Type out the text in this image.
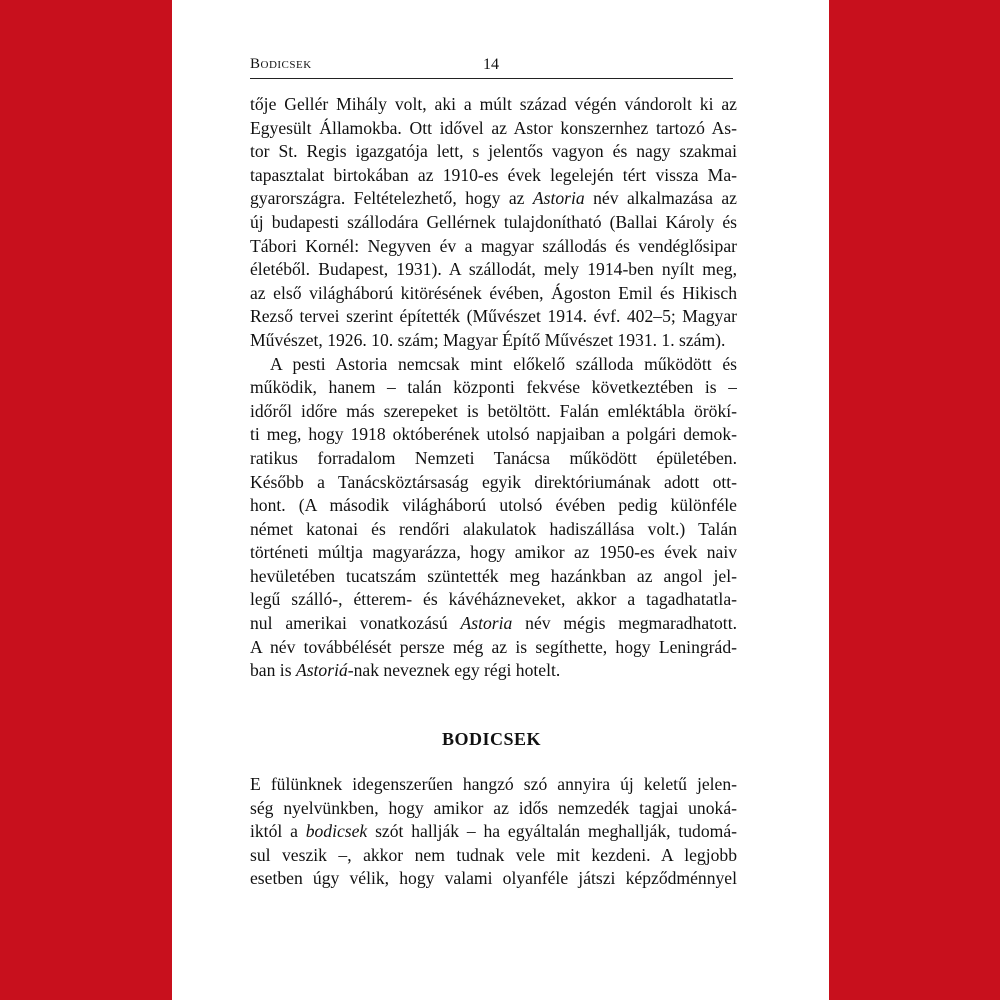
Bodicsek	14
tője Gellér Mihály volt, aki a múlt század végén vándorolt ki az
Egyesült Államokba. Ott idővel az Astor konszernhez tartozó As-
tor St. Regis igazgatója lett, s jelentős vagyon és nagy szakmai
tapasztalat birtokában az 1910-es évek legelején tért vissza Ma-
gyarországra. Feltételezhető, hogy az Astoria név alkalmazása az
új budapesti szállodára Gellérnek tulajdonítható (Ballai Károly és
Tábori Kornél: Negyven év a magyar szállodás és vendéglősipar
életéből. Budapest, 1931). A szállodát, mely 1914-ben nyílt meg,
az első világháború kitörésének évében, Ágoston Emil és Hikisch
Rezső tervei szerint építették (Művészet 1914. évf. 402–5; Magyar
Művészet, 1926. 10. szám; Magyar Építő Művészet 1931. 1. szám).
A pesti Astoria nemcsak mint előkelő szálloda működött és
működik, hanem – talán központi fekvése következtében is –
időről időre más szerepeket is betöltött. Falán emléktábla örökí-
ti meg, hogy 1918 októberének utolsó napjaiban a polgári demok-
ratikus forradalom Nemzeti Tanácsa működött épületében.
Később a Tanácsköztársaság egyik direktóriumának adott ott-
hont. (A második világháború utolsó évében pedig különféle
német katonai és rendőri alakulatok hadiszállása volt.) Talán
történeti múltja magyarázza, hogy amikor az 1950-es évek naiv
hevületében tucatszám szüntették meg hazánkban az angol jel-
legű szálló-, étterem- és kávéházneveket, akkor a tagadhatatla-
nul amerikai vonatkozású Astoria név mégis megmaradhatott.
A név továbbélését persze még az is segíthette, hogy Leningrád-
ban is Astoriá-nak neveznek egy régi hotelt.
BODICSEK
E fülünknek idegenszerűen hangzó szó annyira új keletű jelen-
ség nyelvünkben, hogy amikor az idős nemzedék tagjai unoká-
iktól a bodicsek szót hallják – ha egyáltalán meghallják, tudomá-
sul veszik –, akkor nem tudnak vele mit kezdeni. A legjobb
esetben úgy vélik, hogy valami olyanféle játszi képződménnyel
